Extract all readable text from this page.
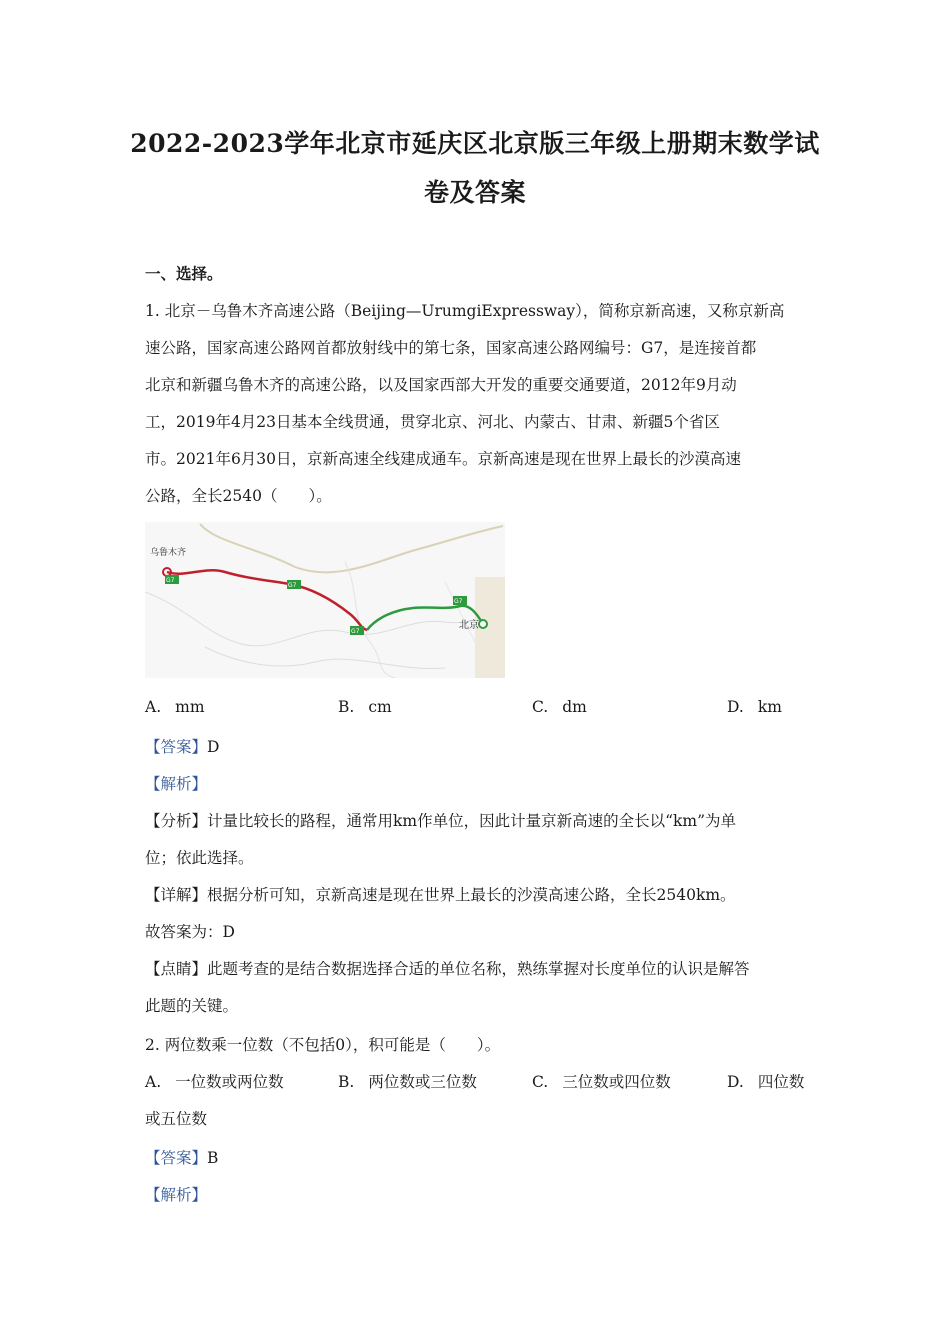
2022-2023学年北京市延庆区北京版三年级上册期末数学试
卷及答案
一、选择。
1. 北京－乌鲁木齐高速公路（Beijing—UrumgiExpressway），简称京新高速，又称京新高
速公路，国家高速公路网首都放射线中的第七条，国家高速公路网编号：G7，是连接首都
北京和新疆乌鲁木齐的高速公路，以及国家西部大开发的重要交通要道，2012年9月动
工，2019年4月23日基本全线贯通，贯穿北京、河北、内蒙古、甘肃、新疆5个省区
市。2021年6月30日，京新高速全线建成通车。京新高速是现在世界上最长的沙漠高速
公路，全长2540（　　）。
乌鲁木齐
北京
G7
G7
G7
G7
A. mm	B. cm	C. dm	D. km
【答案】D
【解析】
【分析】计量比较长的路程，通常用km作单位，因此计量京新高速的全长以“km”为单
位；依此选择。
【详解】根据分析可知，京新高速是现在世界上最长的沙漠高速公路，全长2540km。
故答案为：D
【点睛】此题考查的是结合数据选择合适的单位名称，熟练掌握对长度单位的认识是解答
此题的关键。
2. 两位数乘一位数（不包括0），积可能是（　　）。
A. 一位数或两位数	B. 两位数或三位数	C. 三位数或四位数	D. 四位数
或五位数
【答案】B
【解析】
